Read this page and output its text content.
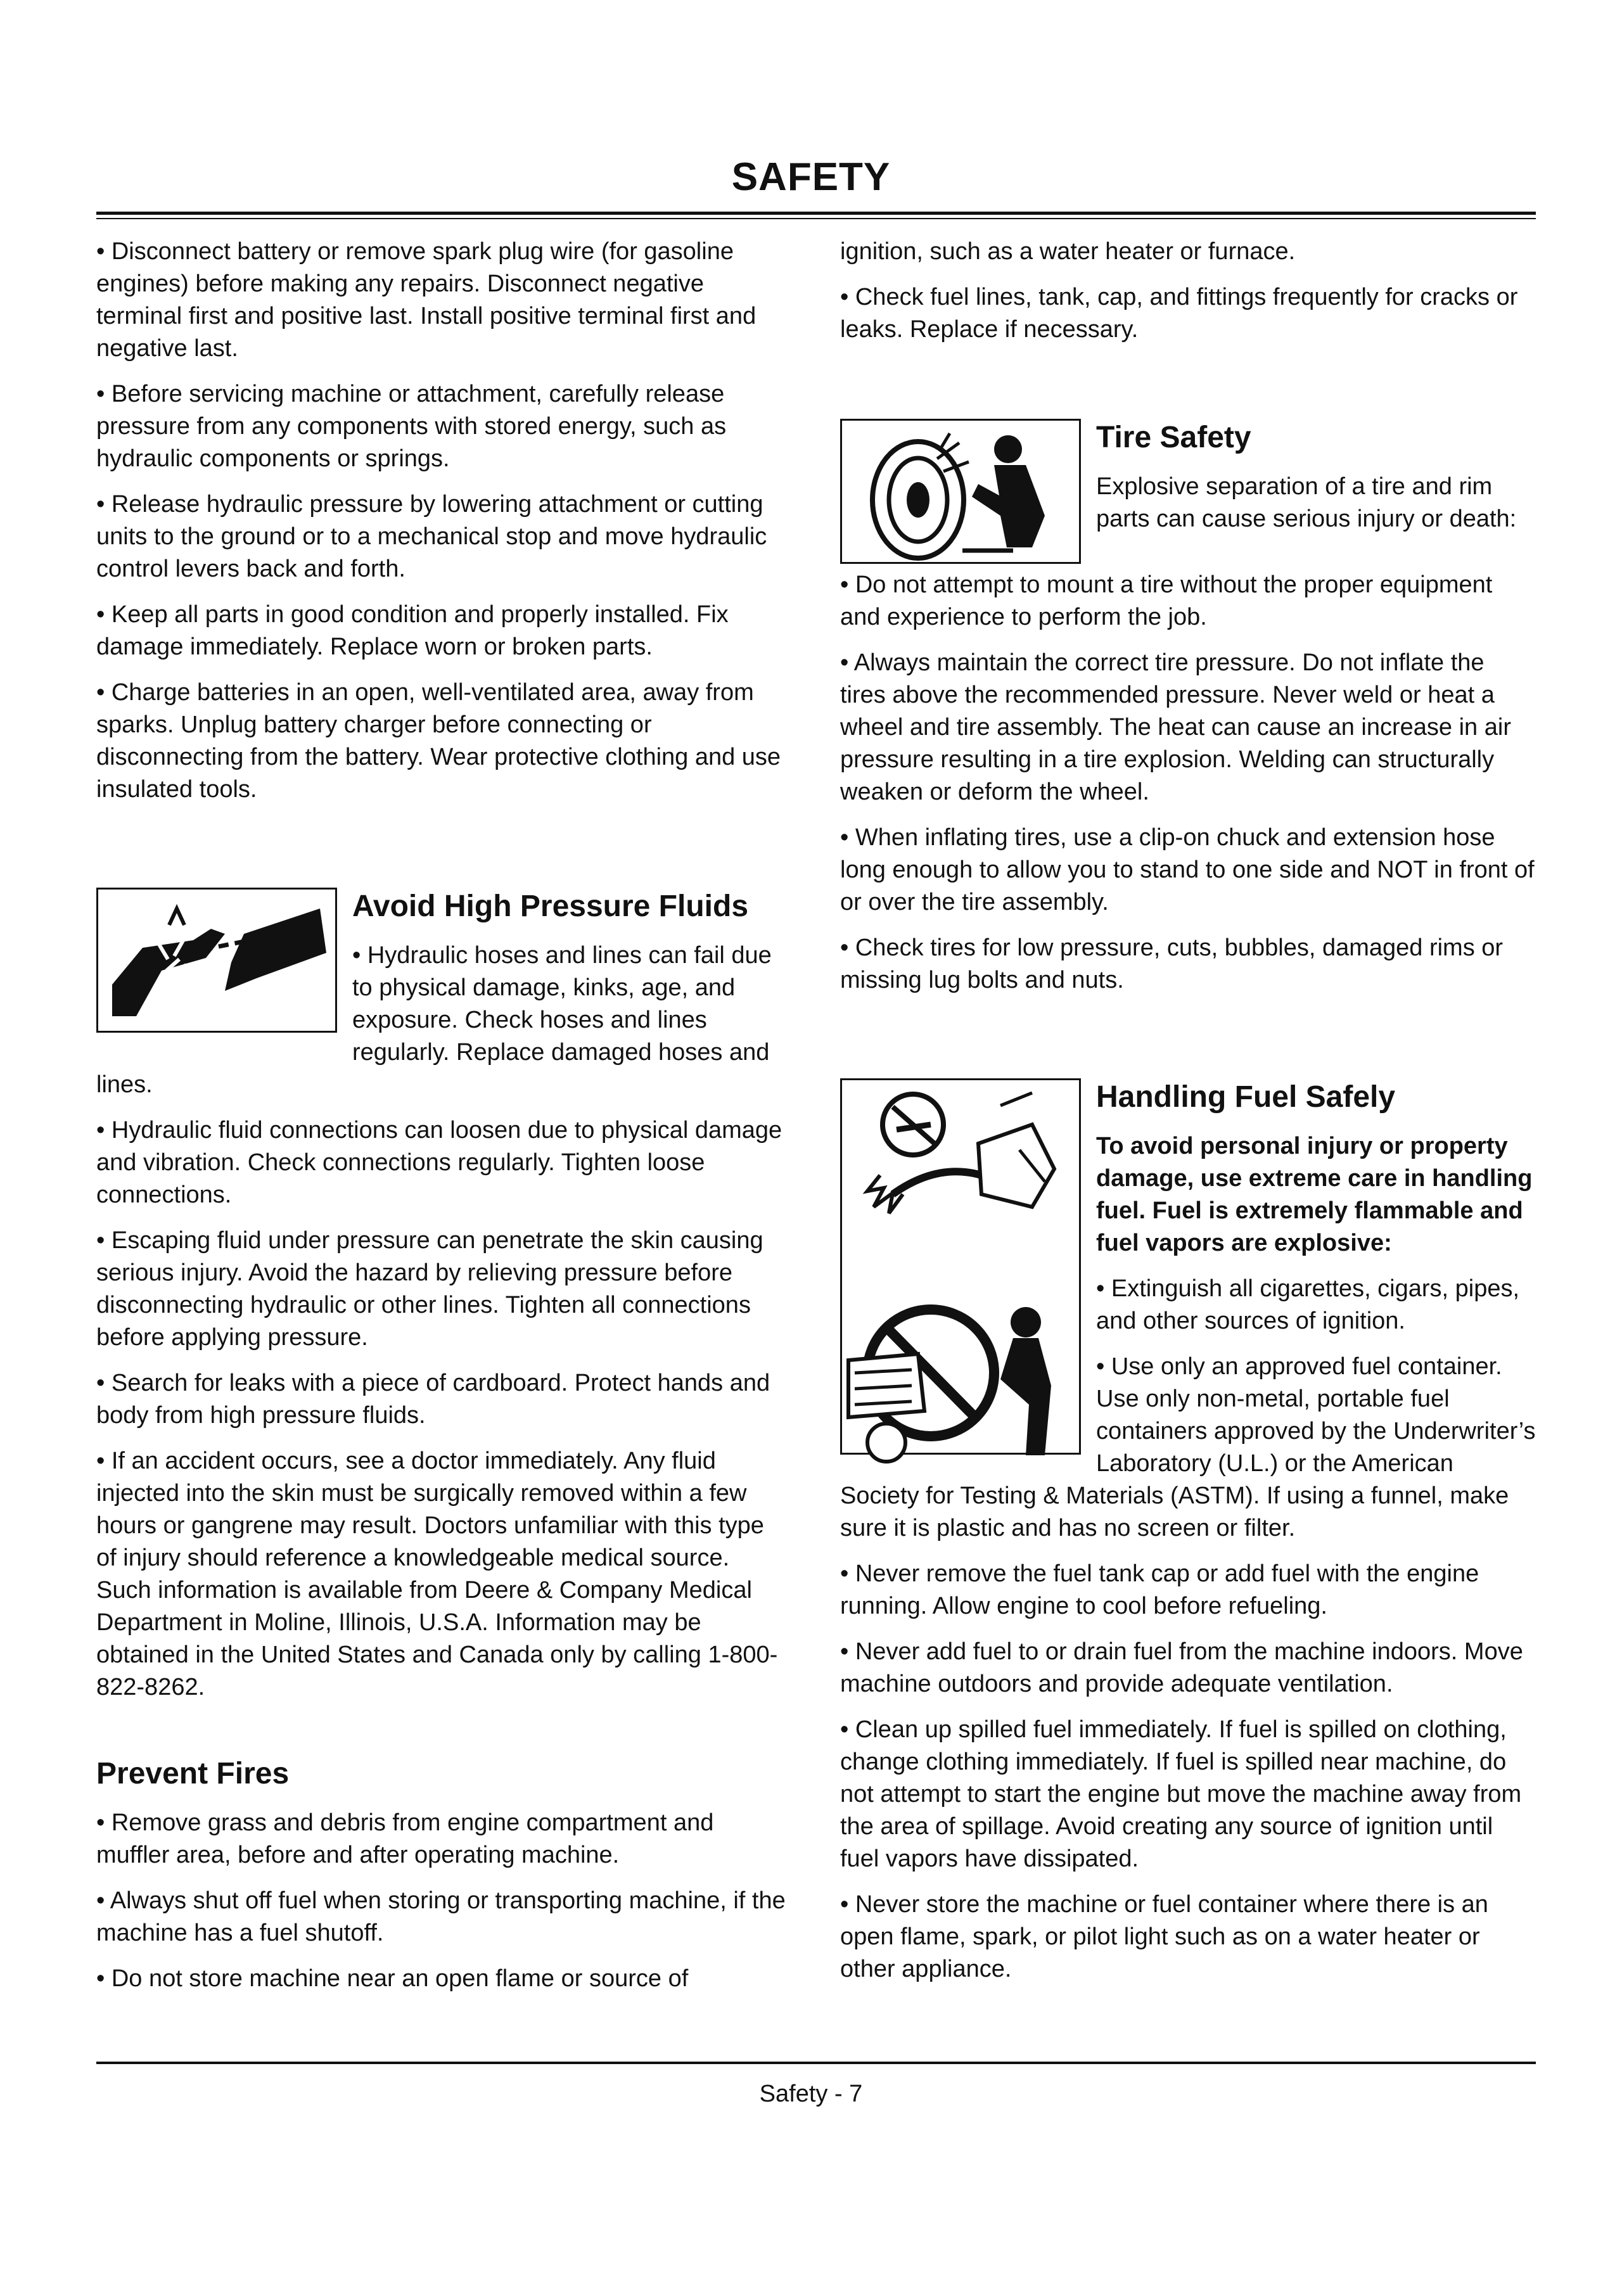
SAFETY

• Disconnect battery or remove spark plug wire (for gasoline engines) before making any repairs. Disconnect negative terminal first and positive last. Install positive terminal first and negative last.

• Before servicing machine or attachment, carefully release pressure from any components with stored energy, such as hydraulic components or springs.

• Release hydraulic pressure by lowering attachment or cutting units to the ground or to a mechanical stop and move hydraulic control levers back and forth.

• Keep all parts in good condition and properly installed. Fix damage immediately. Replace worn or broken parts.

• Charge batteries in an open, well-ventilated area, away from sparks. Unplug battery charger before connecting or disconnecting from the battery. Wear protective clothing and use insulated tools.

Avoid High Pressure Fluids

• Hydraulic hoses and lines can fail due to physical damage, kinks, age, and exposure. Check hoses and lines regularly. Replace damaged hoses and lines.

• Hydraulic fluid connections can loosen due to physical damage and vibration. Check connections regularly. Tighten loose connections.

• Escaping fluid under pressure can penetrate the skin causing serious injury. Avoid the hazard by relieving pressure before disconnecting hydraulic or other lines. Tighten all connections before applying pressure.

• Search for leaks with a piece of cardboard. Protect hands and body from high pressure fluids.

• If an accident occurs, see a doctor immediately. Any fluid injected into the skin must be surgically removed within a few hours or gangrene may result. Doctors unfamiliar with this type of injury should reference a knowledgeable medical source. Such information is available from Deere & Company Medical Department in Moline, Illinois, U.S.A. Information may be obtained in the United States and Canada only by calling 1-800-822-8262.

Prevent Fires

• Remove grass and debris from engine compartment and muffler area, before and after operating machine.

• Always shut off fuel when storing or transporting machine, if the machine has a fuel shutoff.

• Do not store machine near an open flame or source of

ignition, such as a water heater or furnace.

• Check fuel lines, tank, cap, and fittings frequently for cracks or leaks. Replace if necessary.

Tire Safety

Explosive separation of a tire and rim parts can cause serious injury or death:

• Do not attempt to mount a tire without the proper equipment and experience to perform the job.

• Always maintain the correct tire pressure. Do not inflate the tires above the recommended pressure. Never weld or heat a wheel and tire assembly. The heat can cause an increase in air pressure resulting in a tire explosion. Welding can structurally weaken or deform the wheel.

• When inflating tires, use a clip-on chuck and extension hose long enough to allow you to stand to one side and NOT in front of or over the tire assembly.

• Check tires for low pressure, cuts, bubbles, damaged rims or missing lug bolts and nuts.

Handling Fuel Safely

To avoid personal injury or property damage, use extreme care in handling fuel. Fuel is extremely flammable and fuel vapors are explosive:

• Extinguish all cigarettes, cigars, pipes, and other sources of ignition.

• Use only an approved fuel container. Use only non-metal, portable fuel containers approved by the Underwriter’s Laboratory (U.L.) or the American Society for Testing & Materials (ASTM). If using a funnel, make sure it is plastic and has no screen or filter.

• Never remove the fuel tank cap or add fuel with the engine running. Allow engine to cool before refueling.

• Never add fuel to or drain fuel from the machine indoors. Move machine outdoors and provide adequate ventilation.

• Clean up spilled fuel immediately. If fuel is spilled on clothing, change clothing immediately. If fuel is spilled near machine, do not attempt to start the engine but move the machine away from the area of spillage. Avoid creating any source of ignition until fuel vapors have dissipated.

• Never store the machine or fuel container where there is an open flame, spark, or pilot light such as on a water heater or other appliance.

Safety - 7
